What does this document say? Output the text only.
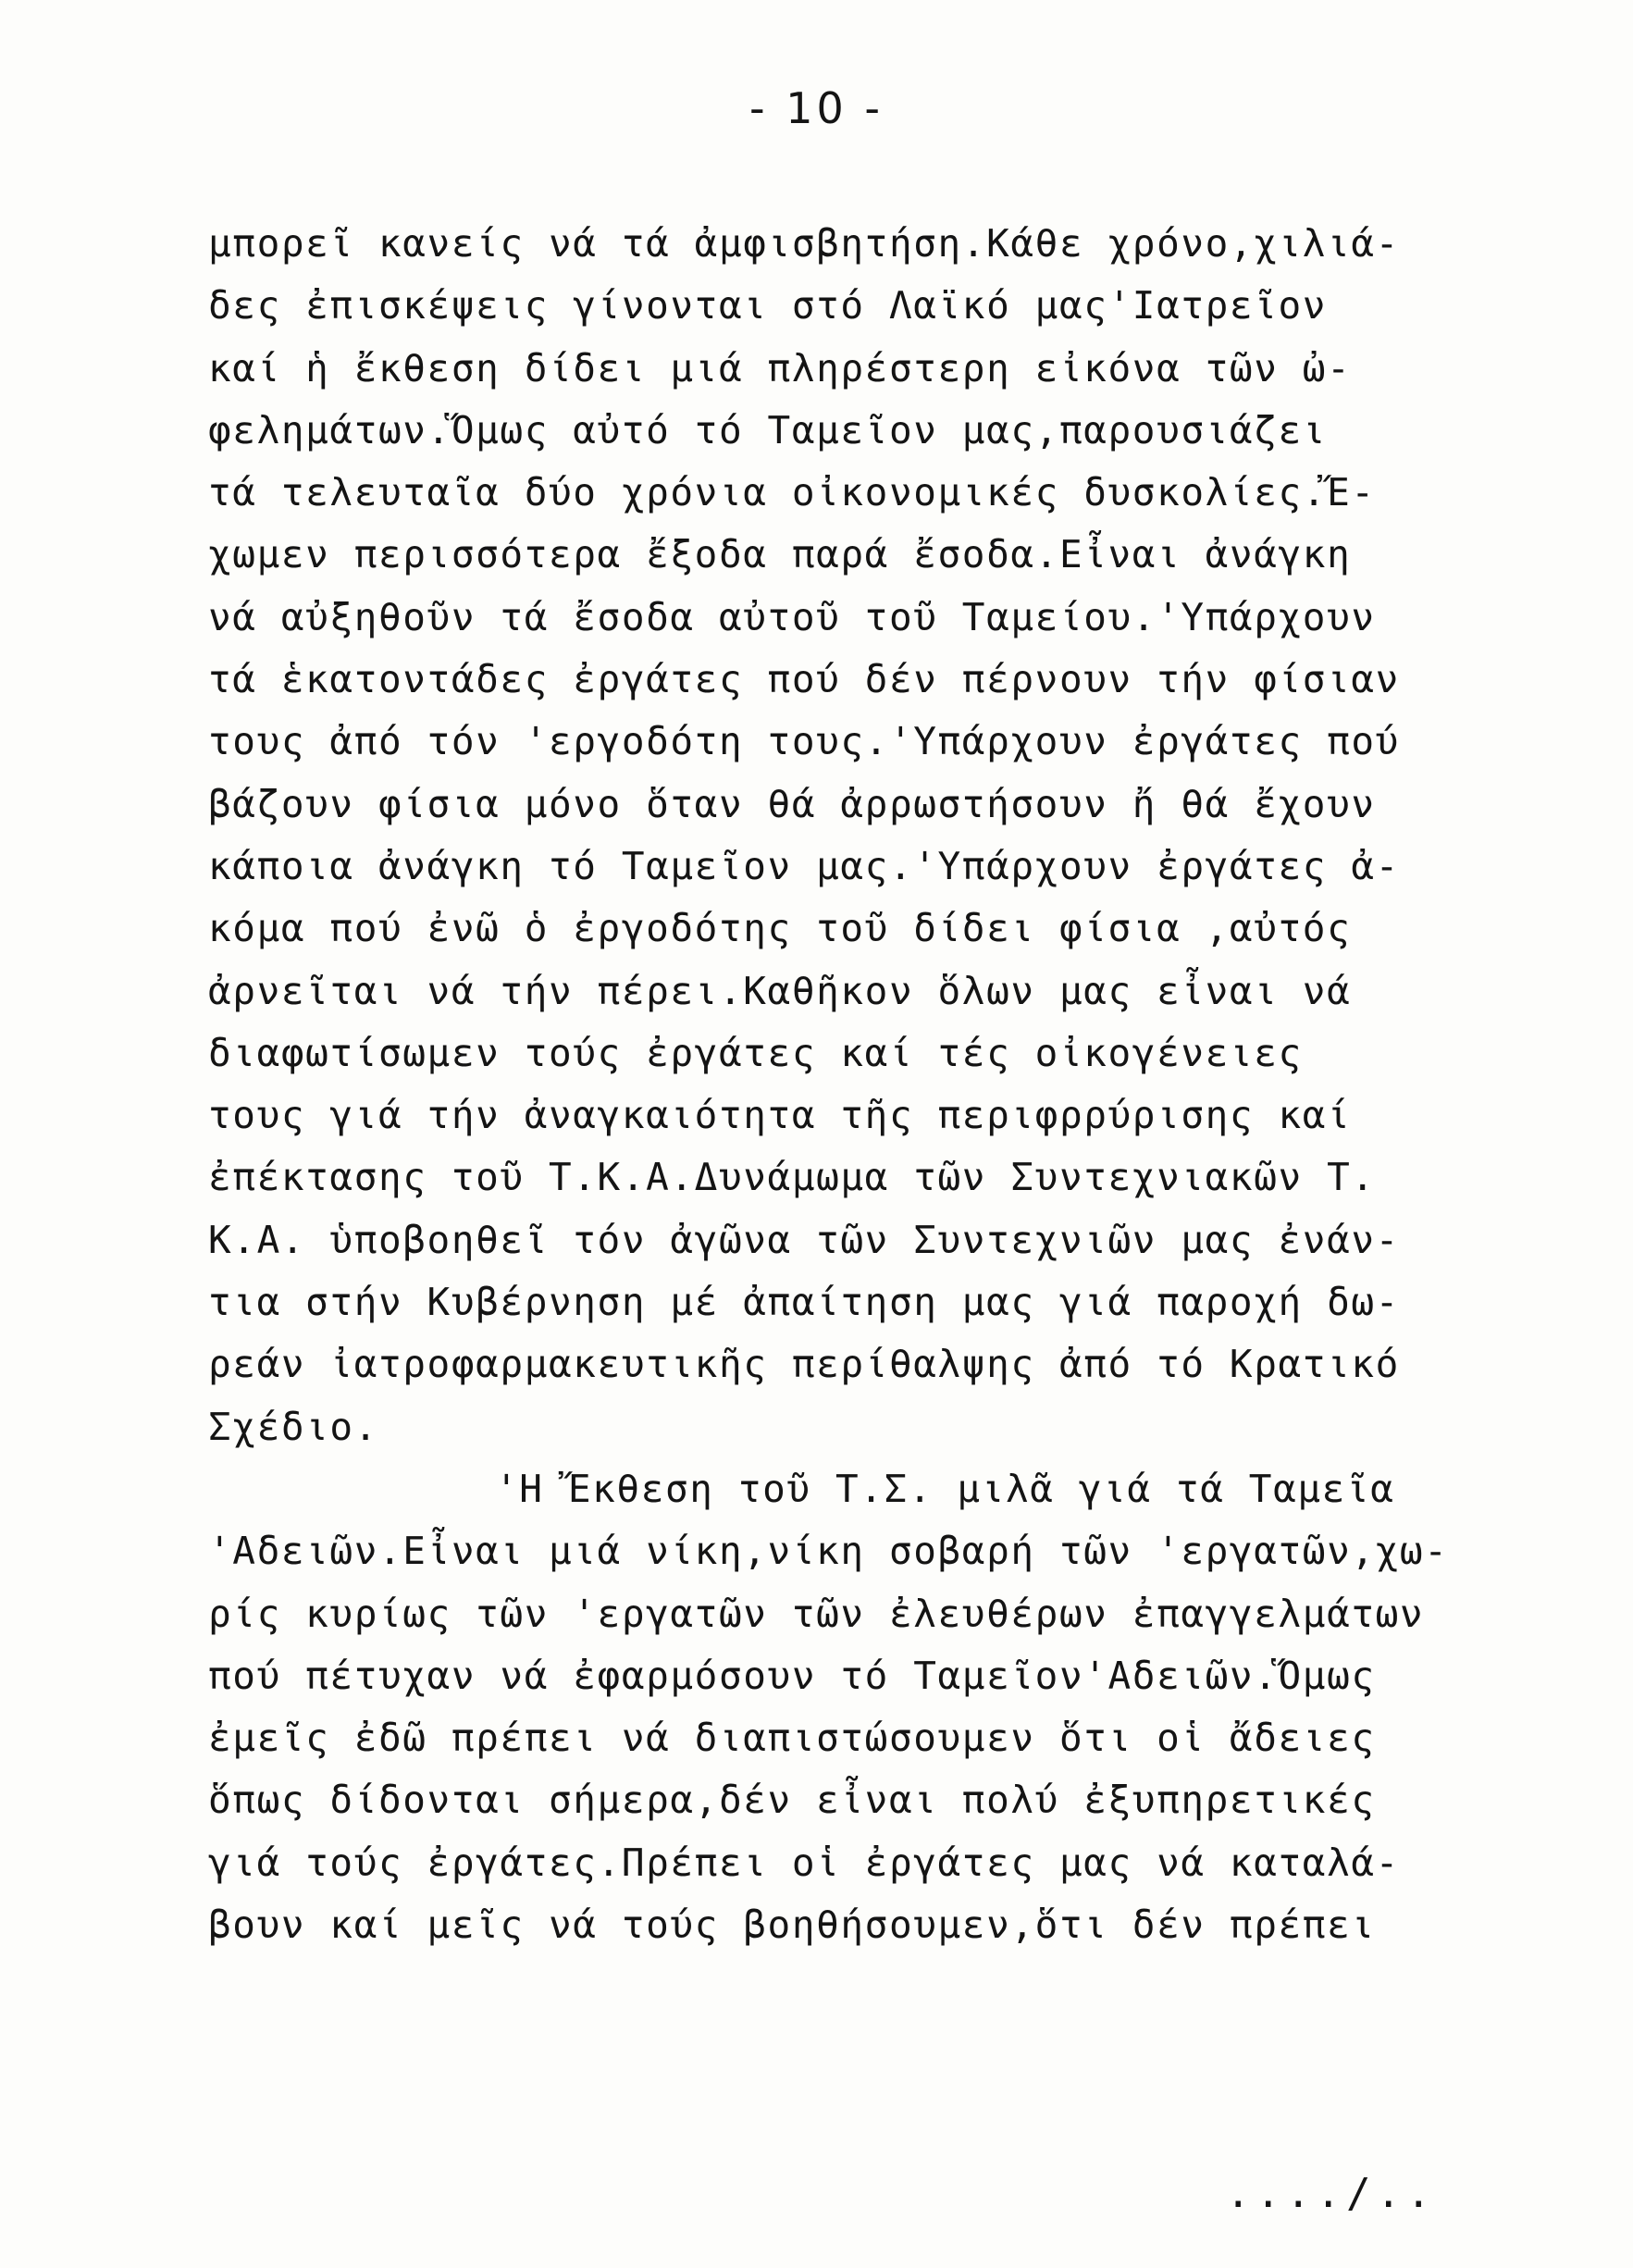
- 10 -
μπορεῖ κανείς νά τά ἀμφισβητήση.Κάθε χρόνο,χιλιά-
δες ἐπισκέψεις γίνονται στό Λαϊκό μας'Ιατρεῖον
καί ἡ ἔκθεση δίδει μιά πληρέστερη εἰκόνα τῶν ὠ-
φελημάτων.Ὅμως αὐτό τό Ταμεῖον μας,παρουσιάζει
τά τελευταῖα δύο χρόνια οἰκονομικές δυσκολίες.Ἔ-
χωμεν περισσότερα ἔξοδα παρά ἔσοδα.Εἶναι ἀνάγκη
νά αὐξηθοῦν τά ἔσοδα αὐτοῦ τοῦ Ταμείου.'Υπάρχουν
τά ἑκατοντάδες ἐργάτες πού δέν πέρνουν τήν φίσιαν
τους ἀπό τόν 'εργοδότη τους.'Υπάρχουν ἐργάτες πού
βάζουν φίσια μόνο ὅταν θά ἀρρωστήσουν ἤ θά ἔχουν
κάποια ἀνάγκη τό Ταμεῖον μας.'Υπάρχουν ἐργάτες ἀ-
κόμα πού ἐνῶ ὁ ἐργοδότης τοῦ δίδει φίσια ,αὐτός
ἀρνεῖται νά τήν πέρει.Καθῆκον ὅλων μας εἶναι νά
διαφωτίσωμεν τούς ἐργάτες καί τές οἰκογένειες
τους γιά τήν ἀναγκαιότητα τῆς περιφρρύρισης καί
ἐπέκτασης τοῦ Τ.Κ.Α.Δυνάμωμα τῶν Συντεχνιακῶν Τ.
Κ.Α. ὑποβοηθεῖ τόν ἀγῶνα τῶν Συντεχνιῶν μας ἐνάν-
τια στήν Κυβέρνηση μέ ἀπαίτηση μας γιά παροχή δω-
ρεάν ἰατροφαρμακευτικῆς περίθαλψης ἀπό τό Κρατικό
Σχέδιο.
'Η Ἔκθεση τοῦ Τ.Σ. μιλᾶ γιά τά Ταμεῖα
'Αδειῶν.Εἶναι μιά νίκη,νίκη σοβαρή τῶν 'εργατῶν,χω-
ρίς κυρίως τῶν 'εργατῶν τῶν ἐλευθέρων ἐπαγγελμάτων
πού πέτυχαν νά ἐφαρμόσουν τό Ταμεῖον'Αδειῶν.Ὅμως
ἐμεῖς ἐδῶ πρέπει νά διαπιστώσουμεν ὅτι οἱ ἄδειες
ὅπως δίδονται σήμερα,δέν εἶναι πολύ ἐξυπηρετικές
γιά τούς ἐργάτες.Πρέπει οἱ ἐργάτες μας νά καταλά-
βουν καί μεῖς νά τούς βοηθήσουμεν,ὅτι δέν πρέπει
..../..
